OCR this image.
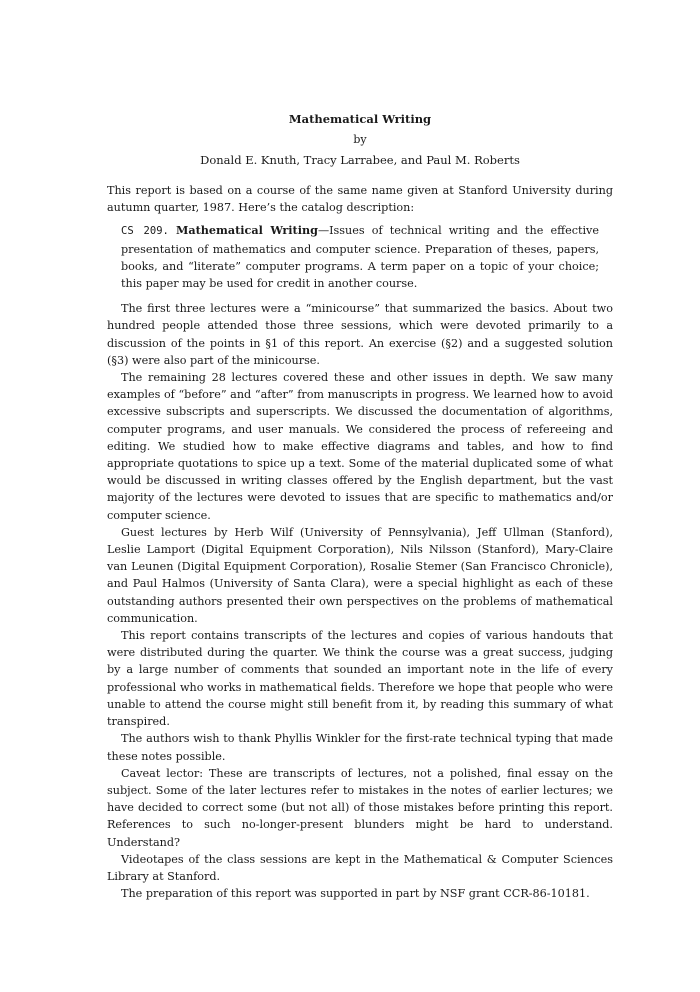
Mathematical Writing

by

Donald E. Knuth, Tracy Larrabee, and Paul M. Roberts

This report is based on a course of the same name given at Stanford University during autumn quarter, 1987. Here’s the catalog description:

CS 209. Mathematical Writing—Issues of technical writing and the effective presentation of mathematics and computer science. Preparation of theses, papers, books, and “literate” computer programs. A term paper on a topic of your choice; this paper may be used for credit in another course.

The first three lectures were a “minicourse” that summarized the basics. About two hundred people attended those three sessions, which were devoted primarily to a discussion of the points in §1 of this report. An exercise (§2) and a suggested solution (§3) were also part of the minicourse.

The remaining 28 lectures covered these and other issues in depth. We saw many examples of “before” and “after” from manuscripts in progress. We learned how to avoid excessive subscripts and superscripts. We discussed the documentation of algorithms, computer programs, and user manuals. We considered the process of refereeing and editing. We studied how to make effective diagrams and tables, and how to find appropriate quotations to spice up a text. Some of the material duplicated some of what would be discussed in writing classes offered by the English department, but the vast majority of the lectures were devoted to issues that are specific to mathematics and/or computer science.

Guest lectures by Herb Wilf (University of Pennsylvania), Jeff Ullman (Stanford), Leslie Lamport (Digital Equipment Corporation), Nils Nilsson (Stanford), Mary-Claire van Leunen (Digital Equipment Corporation), Rosalie Stemer (San Francisco Chronicle), and Paul Halmos (University of Santa Clara), were a special highlight as each of these outstanding authors presented their own perspectives on the problems of mathematical communication.

This report contains transcripts of the lectures and copies of various handouts that were distributed during the quarter. We think the course was a great success, judging by a large number of comments that sounded an important note in the life of every professional who works in mathematical fields. Therefore we hope that people who were unable to attend the course might still benefit from it, by reading this summary of what transpired.

The authors wish to thank Phyllis Winkler for the first-rate technical typing that made these notes possible.

Caveat lector: These are transcripts of lectures, not a polished, final essay on the subject. Some of the later lectures refer to mistakes in the notes of earlier lectures; we have decided to correct some (but not all) of those mistakes before printing this report. References to such no-longer-present blunders might be hard to understand. Understand?

Videotapes of the class sessions are kept in the Mathematical & Computer Sciences Library at Stanford.

The preparation of this report was supported in part by NSF grant CCR-86-10181.
